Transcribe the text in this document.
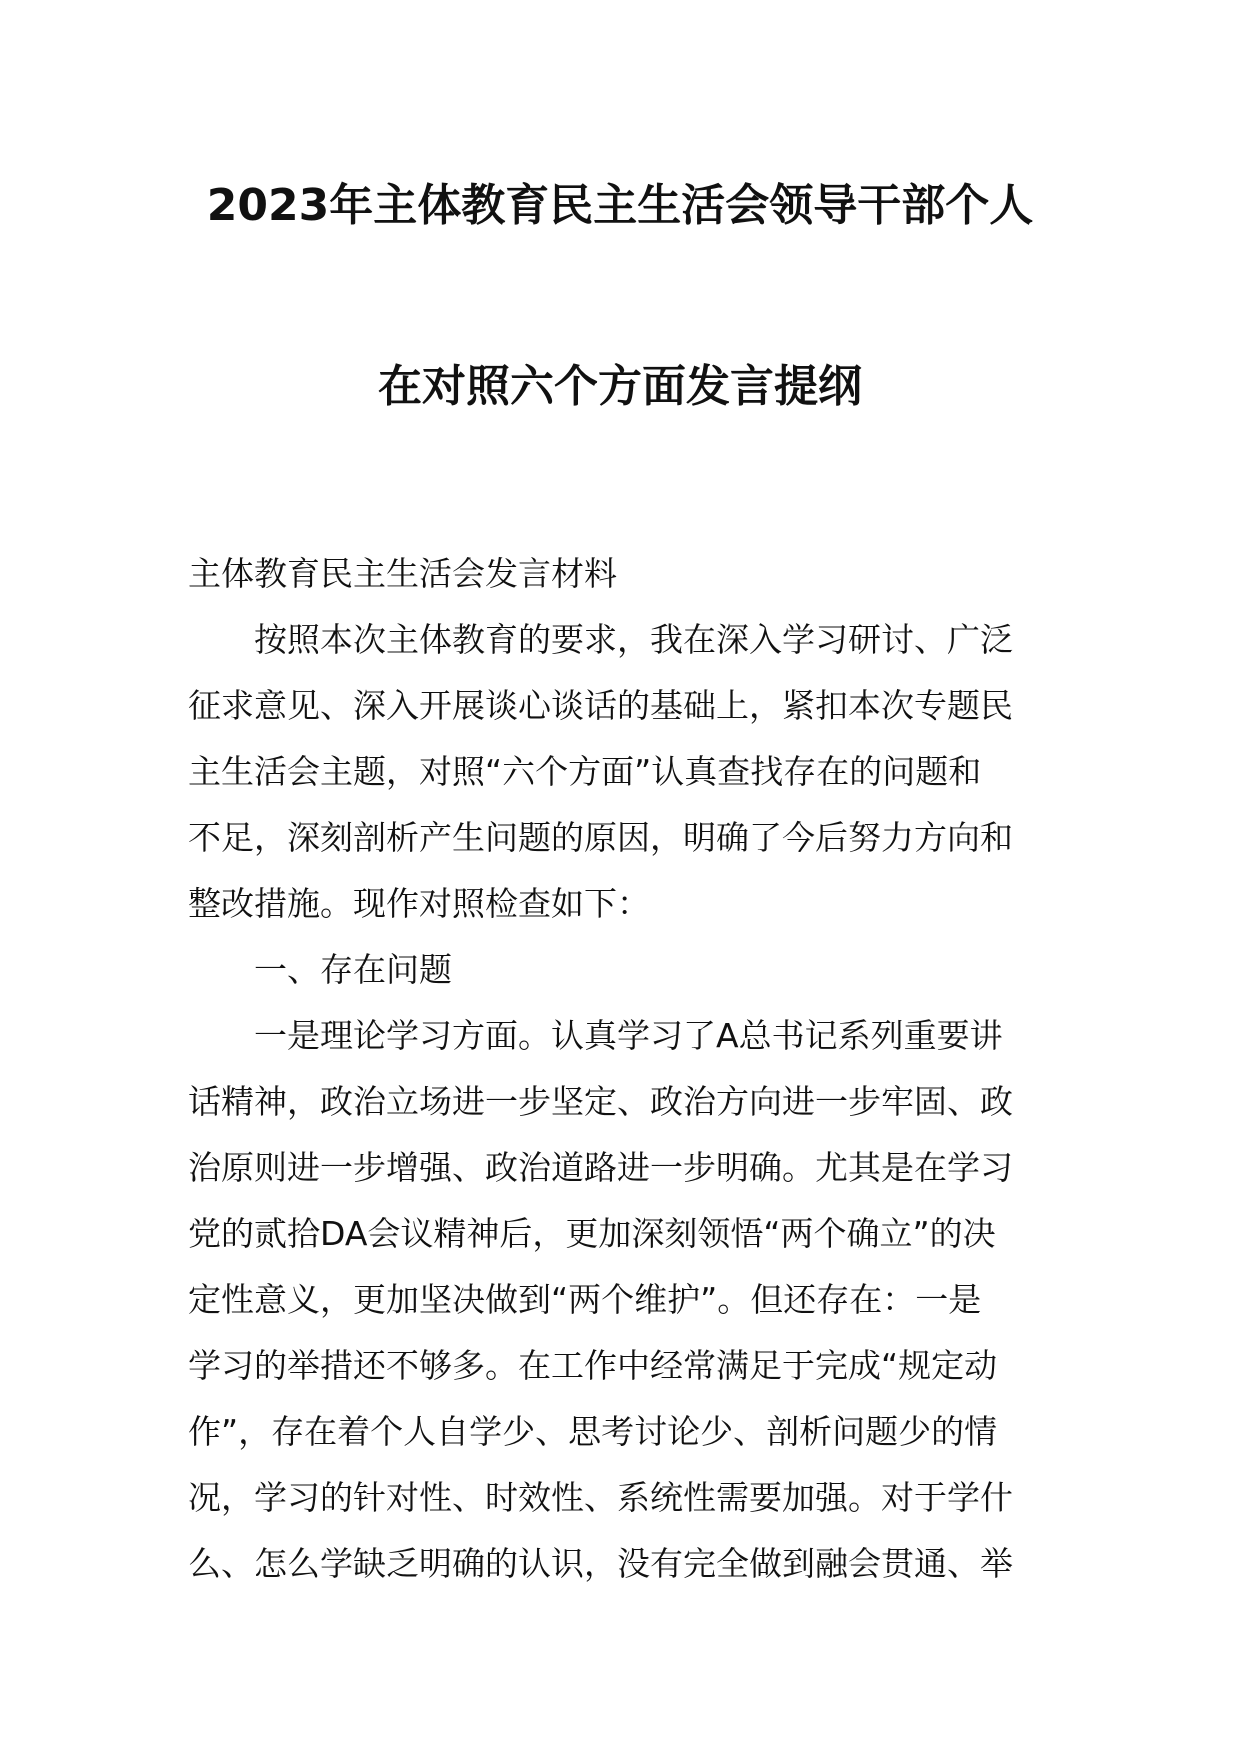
2023年主体教育民主生活会领导干部个人
在对照六个方面发言提纲
主体教育民主生活会发言材料
按照本次主体教育的要求，我在深入学习研讨、广泛
征求意见、深入开展谈心谈话的基础上，紧扣本次专题民
主生活会主题，对照“六个方面”认真查找存在的问题和
不足，深刻剖析产生问题的原因，明确了今后努力方向和
整改措施。现作对照检查如下：
一、存在问题
一是理论学习方面。认真学习了A总书记系列重要讲
话精神，政治立场进一步坚定、政治方向进一步牢固、政
治原则进一步增强、政治道路进一步明确。尤其是在学习
党的贰拾DA会议精神后，更加深刻领悟“两个确立”的决
定性意义，更加坚决做到“两个维护”。但还存在：一是
学习的举措还不够多。在工作中经常满足于完成“规定动
作”，存在着个人自学少、思考讨论少、剖析问题少的情
况，学习的针对性、时效性、系统性需要加强。对于学什
么、怎么学缺乏明确的认识，没有完全做到融会贯通、举
